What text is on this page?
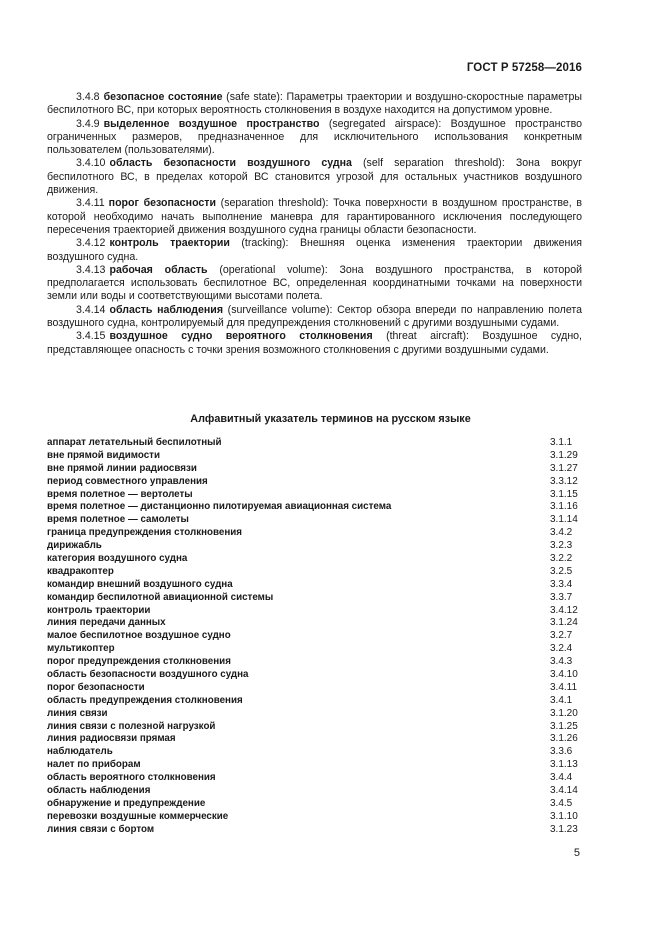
ГОСТ Р 57258—2016

3.4.8 безопасное состояние (safe state): Параметры траектории и воздушно-скоростные параметры беспилотного ВС, при которых вероятность столкновения в воздухе находится на допустимом уровне.

3.4.9 выделенное воздушное пространство (segregated airspace): Воздушное пространство ограниченных размеров, предназначенное для исключительного использования конкретным пользователем (пользователями).

3.4.10 область безопасности воздушного судна (self separation threshold): Зона вокруг беспилотного ВС, в пределах которой ВС становится угрозой для остальных участников воздушного движения.

3.4.11 порог безопасности (separation threshold): Точка поверхности в воздушном пространстве, в которой необходимо начать выполнение маневра для гарантированного исключения последующего пересечения траекторией движения воздушного судна границы области безопасности.

3.4.12 контроль траектории (tracking): Внешняя оценка изменения траектории движения воздушного судна.

3.4.13 рабочая область (operational volume): Зона воздушного пространства, в которой предполагается использовать беспилотное ВС, определенная координатными точками на поверхности земли или воды и соответствующими высотами полета.

3.4.14 область наблюдения (surveillance volume): Сектор обзора впереди по направлению полета воздушного судна, контролируемый для предупреждения столкновений с другими воздушными судами.

3.4.15 воздушное судно вероятного столкновения (threat aircraft): Воздушное судно, представляющее опасность с точки зрения возможного столкновения с другими воздушными судами.

Алфавитный указатель терминов на русском языке
аппарат летательный беспилотный	3.1.1
вне прямой видимости	3.1.29
вне прямой линии радиосвязи	3.1.27
период совместного управления	3.3.12
время полетное — вертолеты	3.1.15
время полетное — дистанционно пилотируемая авиационная система	3.1.16
время полетное — самолеты	3.1.14
граница предупреждения столкновения	3.4.2
дирижабль	3.2.3
категория воздушного судна	3.2.2
квадракоптер	3.2.5
командир внешний воздушного судна	3.3.4
командир беспилотной авиационной системы	3.3.7
контроль траектории	3.4.12
линия передачи данных	3.1.24
малое беспилотное воздушное судно	3.2.7
мультикоптер	3.2.4
порог предупреждения столкновения	3.4.3
область безопасности воздушного судна	3.4.10
порог безопасности	3.4.11
область предупреждения столкновения	3.4.1
линия связи	3.1.20
линия связи с полезной нагрузкой	3.1.25
линия радиосвязи прямая	3.1.26
наблюдатель	3.3.6
налет по приборам	3.1.13
область вероятного столкновения	3.4.4
область наблюдения	3.4.14
обнаружение и предупреждение	3.4.5
перевозки воздушные коммерческие	3.1.10
линия связи с бортом	3.1.23
5
